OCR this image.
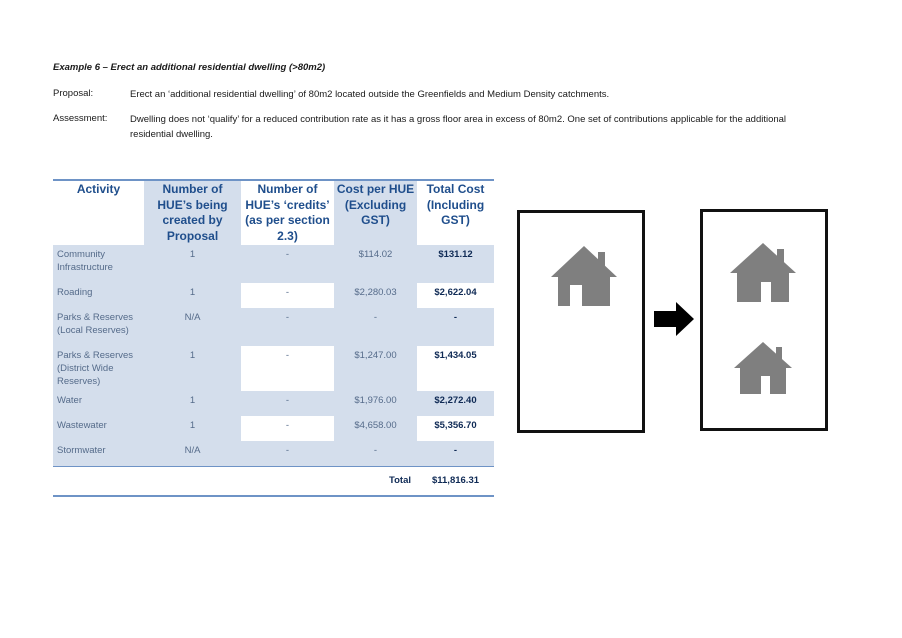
Example 6 – Erect an additional residential dwelling (>80m2)
Proposal:	Erect an ‘additional residential dwelling’ of 80m2 located outside the Greenfields and Medium Density catchments.
Assessment: Dwelling does not ‘qualify’ for a reduced contribution rate as it has a gross floor area in excess of 80m2. One set of contributions applicable for the additional
residential dwelling.
Activity	Number of HUE’s being created by Proposal	Number of HUE’s ‘credits’ (as per section 2.3)	Cost per HUE (Excluding GST)	Total Cost (Including GST)
Community Infrastructure	1	-	$114.02	$131.12
Roading	1	-	$2,280.03	$2,622.04
Parks & Reserves (Local Reserves)	N/A	-	-	-
Parks & Reserves (District Wide Reserves)	1	-	$1,247.00	$1,434.05
Water	1	-	$1,976.00	$2,272.40
Wastewater	1	-	$4,658.00	$5,356.70
Stormwater	N/A	-	-	-
			Total	$11,816.31
